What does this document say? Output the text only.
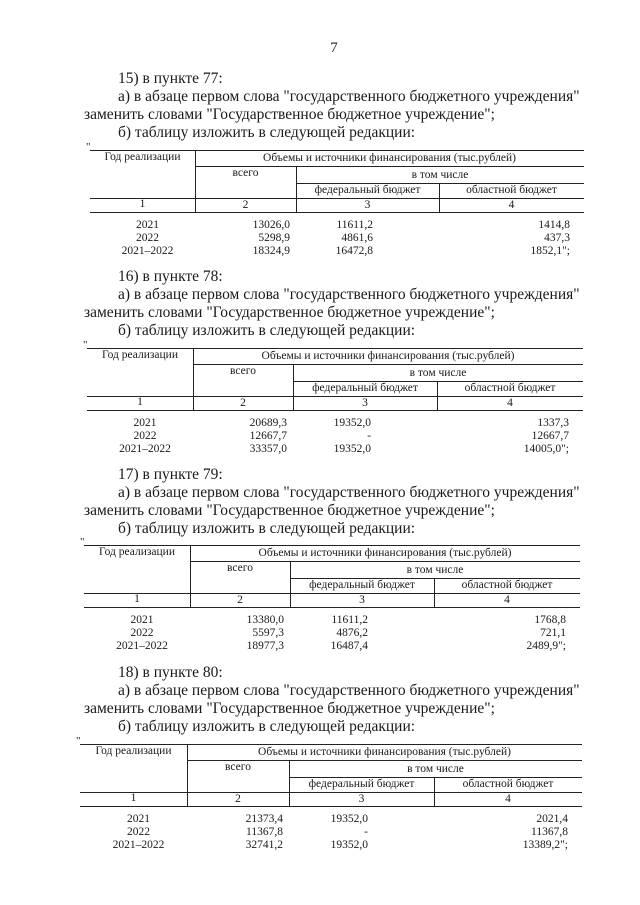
7
15) в пункте 77:
а) в абзаце первом слова "государственного бюджетного учреждения"
заменить словами "Государственное бюджетное учреждение";
б) таблицу изложить в следующей редакции:
"
Год реализации	Объемы и источники финансирования (тыс.рублей)
всего	в том числе
федеральный бюджет	областной бюджет
1	2	3	4
2021	13026,0	11611,2	1414,8
2022	5298,9	4861,6	437,3
2021–2022	18324,9	16472,8	1852,1";
16) в пункте 78:
а) в абзаце первом слова "государственного бюджетного учреждения"
заменить словами "Государственное бюджетное учреждение";
б) таблицу изложить в следующей редакции:
"
Год реализации	Объемы и источники финансирования (тыс.рублей)
всего	в том числе
федеральный бюджет	областной бюджет
1	2	3	4
2021	20689,3	19352,0	1337,3
2022	12667,7	-	12667,7
2021–2022	33357,0	19352,0	14005,0";
17) в пункте 79:
а) в абзаце первом слова "государственного бюджетного учреждения"
заменить словами "Государственное бюджетное учреждение";
б) таблицу изложить в следующей редакции:
"
Год реализации	Объемы и источники финансирования (тыс.рублей)
всего	в том числе
федеральный бюджет	областной бюджет
1	2	3	4
2021	13380,0	11611,2	1768,8
2022	5597,3	4876,2	721,1
2021–2022	18977,3	16487,4	2489,9";
18) в пункте 80:
а) в абзаце первом слова "государственного бюджетного учреждения"
заменить словами "Государственное бюджетное учреждение";
б) таблицу изложить в следующей редакции:
"
Год реализации	Объемы и источники финансирования (тыс.рублей)
всего	в том числе
федеральный бюджет	областной бюджет
1	2	3	4
2021	21373,4	19352,0	2021,4
2022	11367,8	-	11367,8
2021–2022	32741,2	19352,0	13389,2";
